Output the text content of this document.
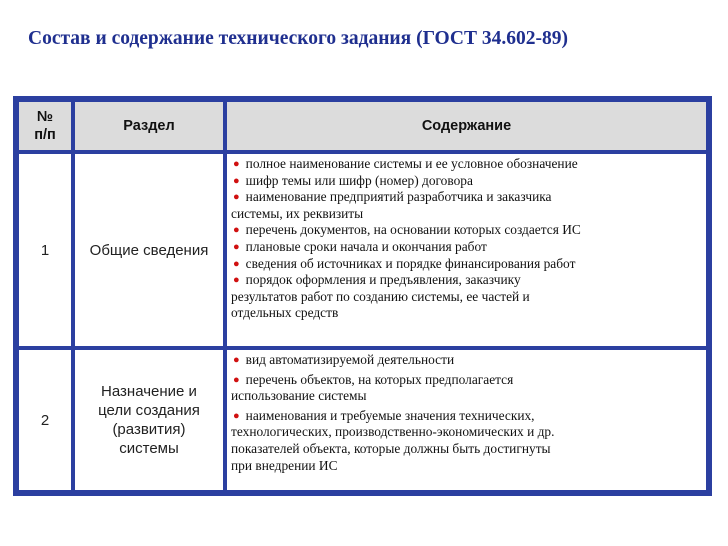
Состав и содержание технического задания (ГОСТ 34.602-89)
№
п/п
Раздел	Содержание
1	Общие сведения

● полное наименование системы и ее условное обозначение

● шифр темы или шифр (номер) договора

● наименование предприятий разработчика и заказчика

системы, их реквизиты

● перечень документов, на основании которых создается ИС

● плановые сроки начала и окончания работ

● сведения об источниках и порядке финансирования работ

● порядок оформления и предъявления, заказчику

результатов работ по созданию системы, ее частей и

отдельных средств

2
Назначение и
цели создания
(развития)
системы

● вид автоматизируемой деятельности

● перечень объектов, на которых предполагается

использование системы

● наименования и требуемые значения технических,

технологических, производственно-экономических и др.

показателей объекта, которые должны быть достигнуты

при внедрении ИС
